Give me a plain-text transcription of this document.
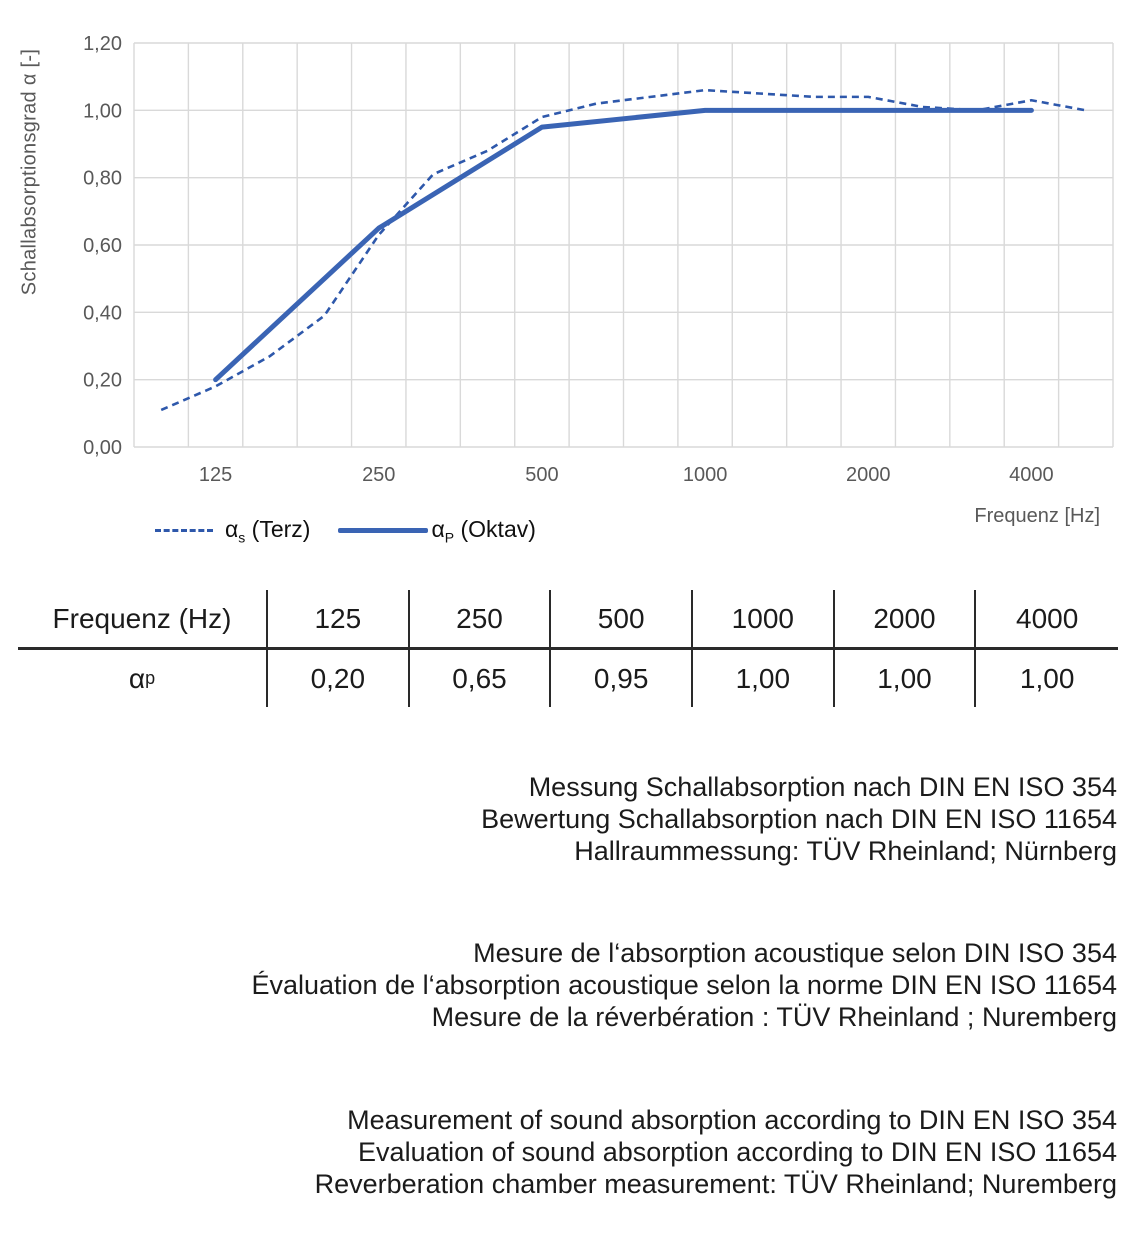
Schallabsorptionsgrad α [-]
0,00
0,20
0,40
0,60
0,80
1,00
1,20
125	250	500	1000	2000	4000
Frequenz [Hz]
$\alpha_s$ (Terz)	$\alpha_P$ (Oktav)
Frequenz (Hz)	125	250	500	1000	2000	4000
α p	0,20	0,65	0,95	1,00	1,00	1,00
Messung Schallabsorption nach DIN EN ISO 354
Bewertung Schallabsorption nach DIN EN ISO 11654
Hallraummessung: TÜV Rheinland; Nürnberg
Mesure de l‘absorption acoustique selon DIN ISO 354
Évaluation de l‘absorption acoustique selon la norme DIN EN ISO 11654
Mesure de la réverbération : TÜV Rheinland ; Nuremberg
Measurement of sound absorption according to DIN EN ISO 354
Evaluation of sound absorption according to DIN EN ISO 11654
Reverberation chamber measurement: TÜV Rheinland; Nuremberg
